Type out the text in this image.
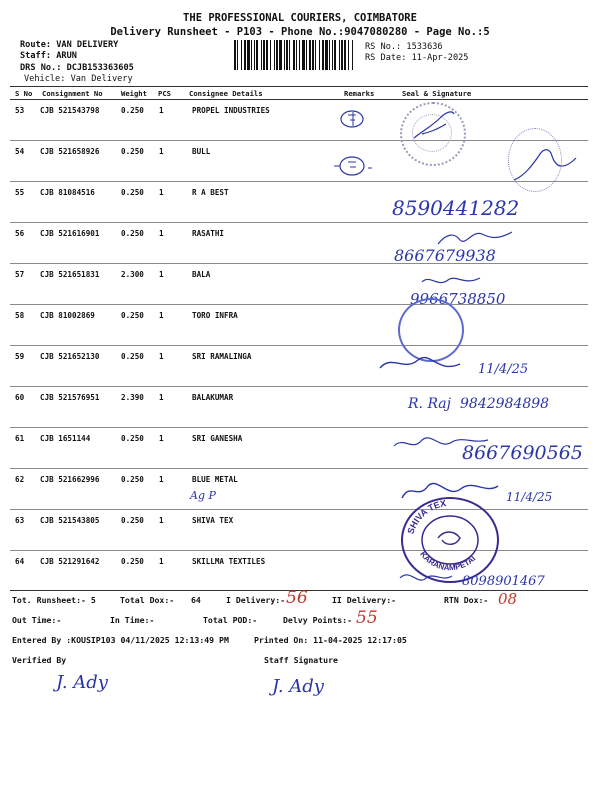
THE PROFESSIONAL COURIERS, COIMBATORE
Delivery Runsheet - P103 - Phone No.:9047080280 - Page No.:5
Route: VAN DELIVERY
Staff: ARUN
DRS No.: DCJB153363605
Vehicle: Van Delivery
RS No.: 1533636
RS Date: 11-Apr-2025
S No Consignment No	Weight PCS	Consignee Details	Remarks	Seal & Signature
53 CJB 521543798	0.250 1	PROPEL INDUSTRIES
54 CJB 521658926	0.250 1	BULL
55 CJB 81084516	0.250 1	R A BEST
56 CJB 521616901	0.250 1	RASATHI
57 CJB 521651831	2.300 1	BALA
58 CJB 81002869	0.250 1	TORO INFRA
59 CJB 521652130	0.250 1	SRI RAMALINGA
60 CJB 521576951	2.390 1	BALAKUMAR
61 CJB 1651144	0.250 1	SRI GANESHA
62 CJB 521662996	0.250 1	BLUE METAL
63 CJB 521543805	0.250 1	SHIVA TEX
64 CJB 521291642	0.250 1	SKILLMA TEXTILES
8590441282
8667679938
9966738850
11/4/25
R. Raj 9842984898
8667690565
Ag P	11/4/25
SHIVA TEX
KARANAMPETAI
8098901467
Tot. Runsheet:- 5	Total Dox:- 64	I Delivery:- 56	II Delivery:-	RTN Dox:- 08
Out Time:-	In Time:-	Total POD:-	Delvy Points:- 55
Entered By :KOUSIP103 04/11/2025 12:13:49 PM	Printed On: 11-04-2025 12:17:05
Verified By	Staff Signature
J. Ady	J. Ady
